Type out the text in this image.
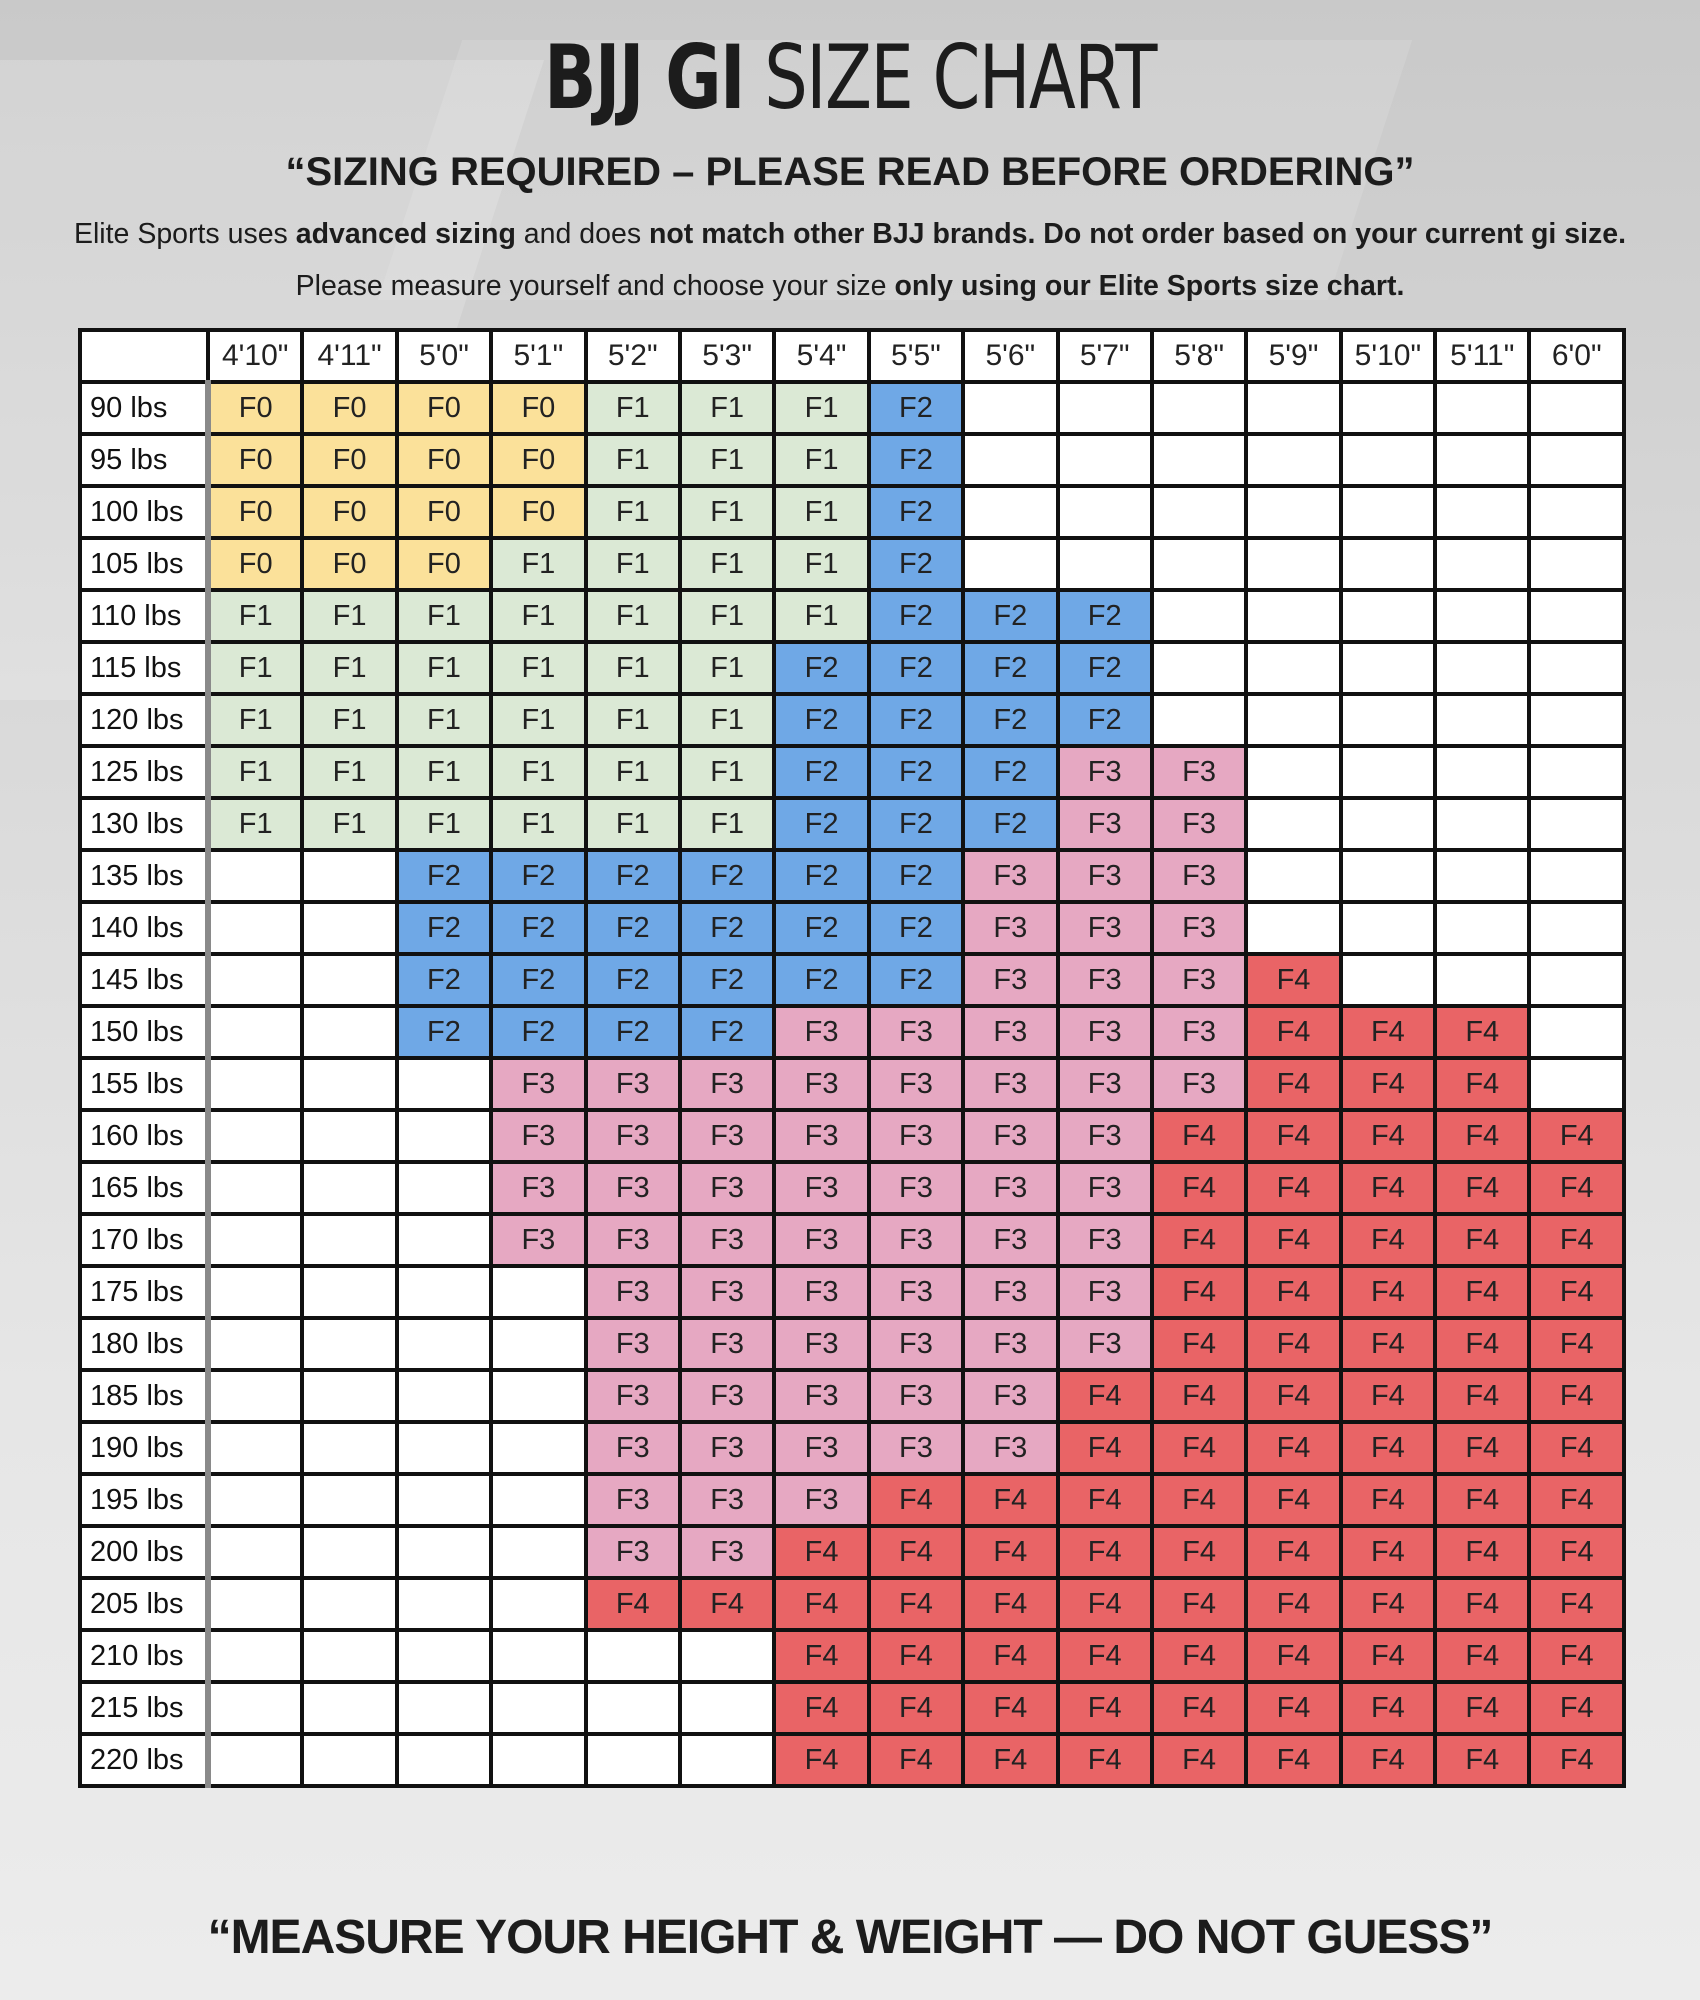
BJJ GI SIZE CHART
“SIZING REQUIRED – PLEASE READ BEFORE ORDERING”
Elite Sports uses advanced sizing and does not match other BJJ brands. Do not order based on your current gi size.
Please measure yourself and choose your size only using our Elite Sports size chart.
	4'10"	4'11"	5'0"	5'1"	5'2"	5'3"	5'4"	5'5"	5'6"	5'7"	5'8"	5'9"	5'10"	5'11"	6'0"
90 lbs	F0	F0	F0	F0	F1	F1	F1	F2							
95 lbs	F0	F0	F0	F0	F1	F1	F1	F2							
100 lbs	F0	F0	F0	F0	F1	F1	F1	F2							
105 lbs	F0	F0	F0	F1	F1	F1	F1	F2							
110 lbs	F1	F1	F1	F1	F1	F1	F1	F2	F2	F2					
115 lbs	F1	F1	F1	F1	F1	F1	F2	F2	F2	F2					
120 lbs	F1	F1	F1	F1	F1	F1	F2	F2	F2	F2					
125 lbs	F1	F1	F1	F1	F1	F1	F2	F2	F2	F3	F3				
130 lbs	F1	F1	F1	F1	F1	F1	F2	F2	F2	F3	F3				
135 lbs			F2	F2	F2	F2	F2	F2	F3	F3	F3				
140 lbs			F2	F2	F2	F2	F2	F2	F3	F3	F3				
145 lbs			F2	F2	F2	F2	F2	F2	F3	F3	F3	F4			
150 lbs			F2	F2	F2	F2	F3	F3	F3	F3	F3	F4	F4	F4	
155 lbs				F3	F3	F3	F3	F3	F3	F3	F3	F4	F4	F4	
160 lbs				F3	F3	F3	F3	F3	F3	F3	F4	F4	F4	F4	F4
165 lbs				F3	F3	F3	F3	F3	F3	F3	F4	F4	F4	F4	F4
170 lbs				F3	F3	F3	F3	F3	F3	F3	F4	F4	F4	F4	F4
175 lbs					F3	F3	F3	F3	F3	F3	F4	F4	F4	F4	F4
180 lbs					F3	F3	F3	F3	F3	F3	F4	F4	F4	F4	F4
185 lbs					F3	F3	F3	F3	F3	F4	F4	F4	F4	F4	F4
190 lbs					F3	F3	F3	F3	F3	F4	F4	F4	F4	F4	F4
195 lbs					F3	F3	F3	F4	F4	F4	F4	F4	F4	F4	F4
200 lbs					F3	F3	F4	F4	F4	F4	F4	F4	F4	F4	F4
205 lbs					F4	F4	F4	F4	F4	F4	F4	F4	F4	F4	F4
210 lbs							F4	F4	F4	F4	F4	F4	F4	F4	F4
215 lbs							F4	F4	F4	F4	F4	F4	F4	F4	F4
220 lbs							F4	F4	F4	F4	F4	F4	F4	F4	F4
“MEASURE YOUR HEIGHT & WEIGHT — DO NOT GUESS”
